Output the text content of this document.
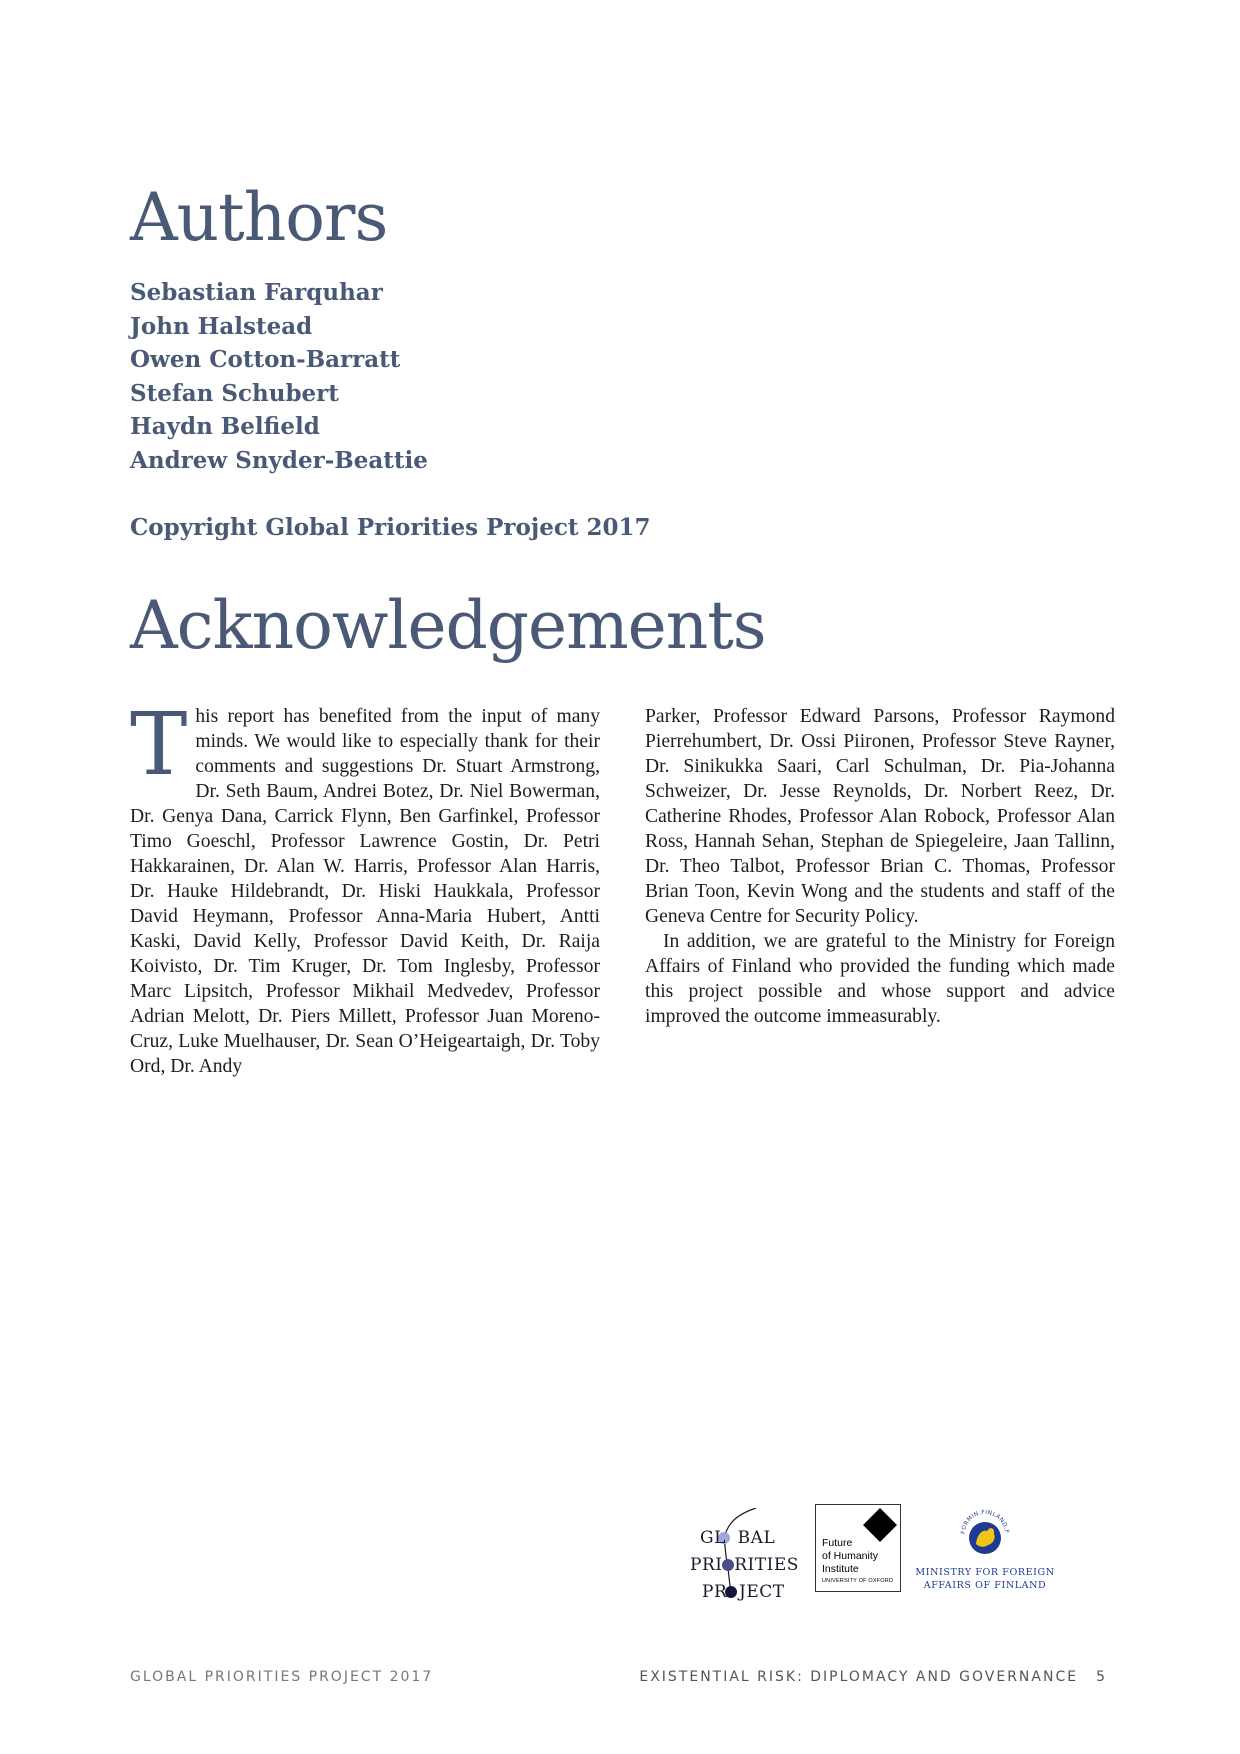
Authors
Sebastian Farquhar
John Halstead
Owen Cotton-Barratt
Stefan Schubert
Haydn Belfield
Andrew Snyder-Beattie

Copyright Global Priorities Project 2017

Acknowledgements

This report has benefited from the input of many minds. We would like to especially thank for their comments and suggestions Dr. Stuart Armstrong, Dr. Seth Baum, Andrei Botez, Dr. Niel Bowerman, Dr. Genya Dana, Carrick Flynn, Ben Garfinkel, Professor Timo Goeschl, Professor Lawrence Gostin, Dr. Petri Hakkarainen, Dr. Alan W. Harris, Professor Alan Harris, Dr. Hauke Hildebrandt, Dr. Hiski Haukkala, Professor David Heymann, Professor Anna-Maria Hubert, Antti Kaski, David Kelly, Professor David Keith, Dr. Raija Koivisto, Dr. Tim Kruger, Dr. Tom Inglesby, Professor Marc Lipsitch, Professor Mikhail Medvedev, Professor Adrian Melott, Dr. Piers Millett, Professor Juan Moreno-Cruz, Luke Muelhauser, Dr. Sean O’Heigeartaigh, Dr. Toby Ord, Dr. Andy

Parker, Professor Edward Parsons, Professor Raymond Pierrehumbert, Dr. Ossi Piironen, Professor Steve Rayner, Dr. Sinikukka Saari, Carl Schulman, Dr. Pia-Johanna Schweizer, Dr. Jesse Reynolds, Dr. Norbert Reez, Dr. Catherine Rhodes, Professor Alan Robock, Professor Alan Ross, Hannah Sehan, Stephan de Spiegeleire, Jaan Tallinn, Dr. Theo Talbot, Professor Brian C. Thomas, Professor Brian Toon, Kevin Wong and the students and staff of the Geneva Centre for Security Policy.

In addition, we are grateful to the Ministry for Foreign Affairs of Finland who provided the funding which made this project possible and whose support and advice improved the outcome immeasurably.

GL  BAL
PRI  RITIES
PR  JECT
Future
of Humanity
Institute
UNIVERSITY OF OXFORD
FORMIN.FINLAND.F
MINISTRY FOR FOREIGN
AFFAIRS OF FINLAND
GLOBAL PRIORITIES PROJECT 2017	EXISTENTIAL RISK: DIPLOMACY AND GOVERNANCE 5
